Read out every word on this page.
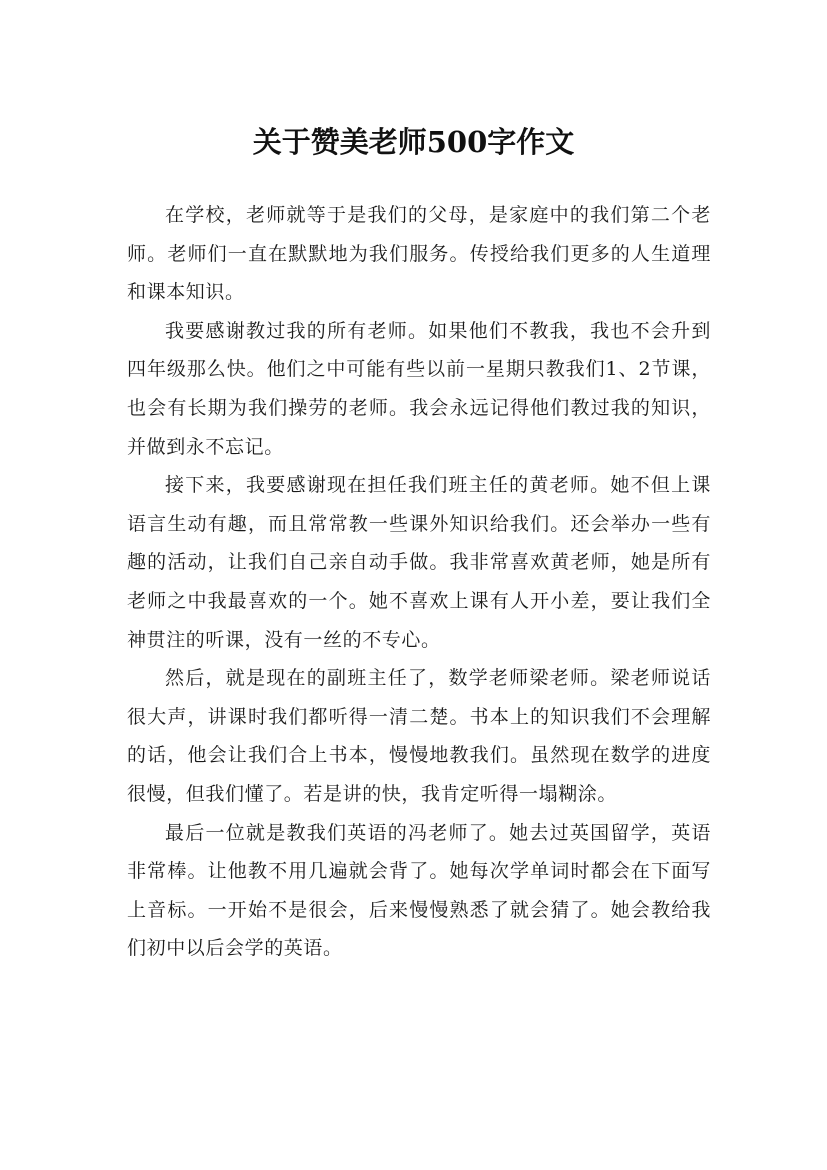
关于赞美老师500字作文

在学校，老师就等于是我们的父母，是家庭中的我们第二个老师。老师们一直在默默地为我们服务。传授给我们更多的人生道理和课本知识。

我要感谢教过我的所有老师。如果他们不教我，我也不会升到四年级那么快。他们之中可能有些以前一星期只教我们1、2节课，也会有长期为我们操劳的老师。我会永远记得他们教过我的知识，并做到永不忘记。

接下来，我要感谢现在担任我们班主任的黄老师。她不但上课语言生动有趣，而且常常教一些课外知识给我们。还会举办一些有趣的活动，让我们自己亲自动手做。我非常喜欢黄老师，她是所有老师之中我最喜欢的一个。她不喜欢上课有人开小差，要让我们全神贯注的听课，没有一丝的不专心。

然后，就是现在的副班主任了，数学老师梁老师。梁老师说话很大声，讲课时我们都听得一清二楚。书本上的知识我们不会理解的话，他会让我们合上书本，慢慢地教我们。虽然现在数学的进度很慢，但我们懂了。若是讲的快，我肯定听得一塌糊涂。

最后一位就是教我们英语的冯老师了。她去过英国留学，英语非常棒。让他教不用几遍就会背了。她每次学单词时都会在下面写上音标。一开始不是很会，后来慢慢熟悉了就会猜了。她会教给我们初中以后会学的英语。
